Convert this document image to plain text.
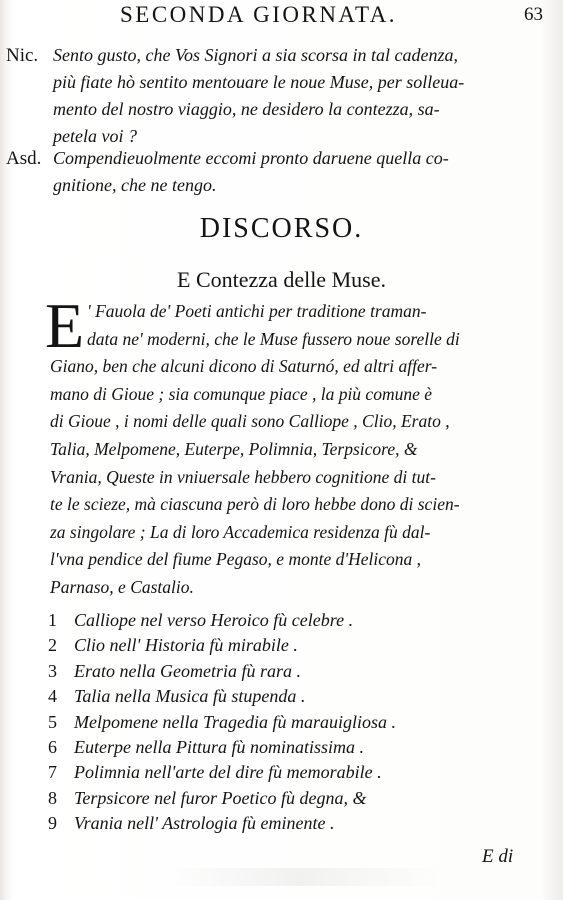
SECONDA GIORNATA.	63
Nic. Sento gusto, che Vos Signori a sia scorsa in tal cadenza,
più fiate hò sentito mentouare le noue Muse, per solleua-
mento del nostro viaggio, ne desidero la contezza, sa-
petela voi ?
Asd. Compendieuolmente eccomi pronto daruene quella co-
gnitione, che ne tengo.
DISCORSO.
E Contezza delle Muse.
E ' Fauola de' Poeti antichi per traditione traman-
data ne' moderni, che le Muse fussero noue sorelle di
Giano, ben che alcuni dicono di Saturnó, ed altri affer-
mano di Gioue ; sia comunque piace , la più comune è
di Gioue , i nomi delle quali sono Calliope , Clio, Erato ,
Talia, Melpomene, Euterpe, Polimnia, Terpsicore, &
Vrania, Queste in vniuersale hebbero cognitione di tut-
te le scieze, mà ciascuna però di loro hebbe dono di scien-
za singolare ; La di loro Accademica residenza fù dal-
l'vna pendice del fiume Pegaso, e monte d'Helicona ,
Parnaso, e Castalio.
1 Calliope nel verso Heroico fù celebre .
2 Clio nell' Historia fù mirabile .
3 Erato nella Geometria fù rara .
4 Talia nella Musica fù stupenda .
5 Melpomene nella Tragedia fù marauigliosa .
6 Euterpe nella Pittura fù nominatissima .
7 Polimnia nell'arte del dire fù memorabile .
8 Terpsicore nel furor Poetico fù degna, &
9 Vrania nell' Astrologia fù eminente .
E di
